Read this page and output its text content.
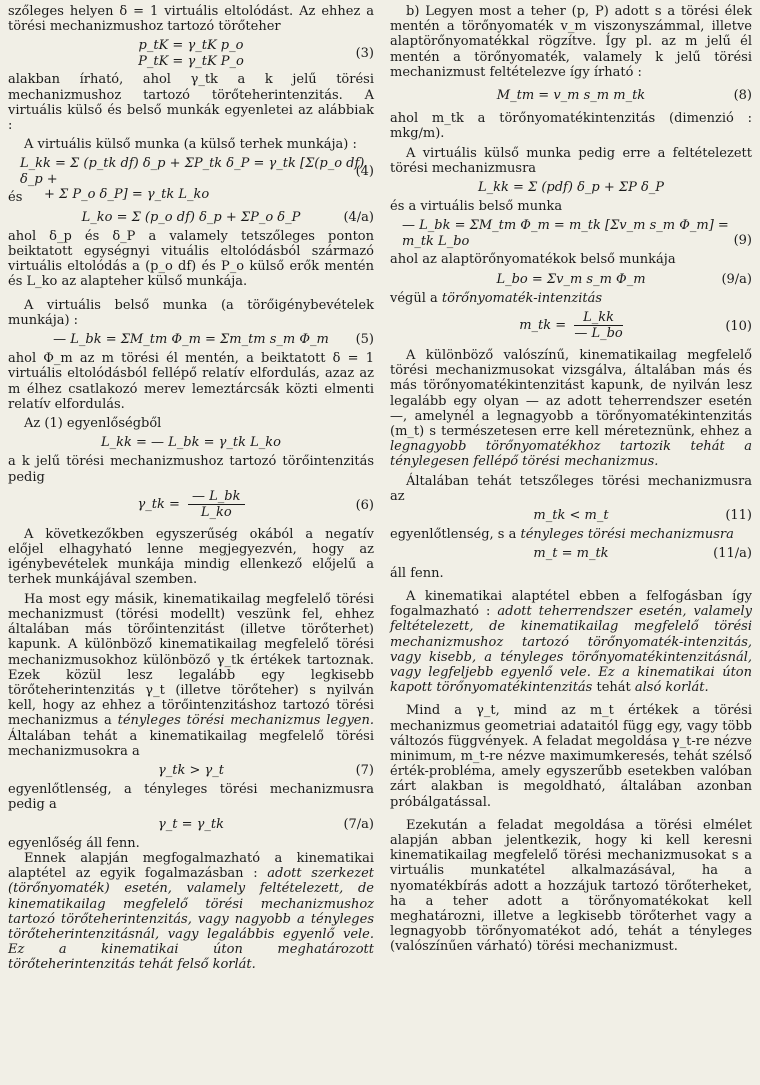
szőleges helyen δ = 1 virtuális eltolódást. Az ehhez a törési mechanizmushoz tartozó törőteher

p_tK = γ_tK p_o
P_tK = γ_tK P_o	(3)

alakban írható, ahol γ_tk a k jelű törési mechanizmushoz tartozó törőteherintenzitás. A virtuális külső és belső munkák egyenletei az alábbiak :

A virtuális külső munka (a külső terhek munkája) :

L_kk = Σ (p_tk df) δ_p + ΣP_tk δ_P = γ_tk [Σ(p_o df) δ_p +
+ Σ P_o δ_P] = γ_tk L_ko
(4)

és

L_ko = Σ (p_o df) δ_p + ΣP_o δ_P	(4/a)

ahol δ_p és δ_P a valamely tetszőleges ponton beiktatott egységnyi vituális eltolódásból származó virtuális eltolódás a (p_o df) és P_o külső erők mentén és L_ko az alapteher külső munkája.

A virtuális belső munka (a törőigénybevételek munkája) :

— L_bk = ΣM_tm Φ_m = Σm_tm s_m Φ_m (5)

ahol Φ_m az m törési él mentén, a beiktatott δ = 1 virtuális eltolódásból fellépő relatív elfordulás, azaz az m élhez csatlakozó merev lemeztárcsák közti elmenti relatív elfordulás.

Az (1) egyenlőségből

L_kk = — L_bk = γ_tk L_ko

a k jelű törési mechanizmushoz tartozó törőintenzitás pedig

γ_tk = $\frac{— L\_bk}{L\_ko}$	(6)

A következőkben egyszerűség okából a negatív előjel elhagyható lenne megjegyezvén, hogy az igénybevételek munkája mindig ellenkező előjelű a terhek munkájával szemben.

Ha most egy másik, kinematikailag megfelelő törési mechanizmust (törési modellt) veszünk fel, ehhez általában más törőintenzitást (illetve törőterhet) kapunk. A különböző kinematikailag megfelelő törési mechanizmusokhoz különböző γ_tk értékek tartoznak. Ezek közül lesz legalább egy legkisebb törőteherintenzitás γ_t (illetve törőteher) s nyilván kell, hogy az ehhez a törőintenzitáshoz tartozó törési mechanizmus a tényleges törési mechanizmus legyen. Általában tehát a kinematikailag megfelelő törési mechanizmusokra a

γ_tk > γ_t	(7)

egyenlőtlenség, a tényleges törési mechanizmusra pedig a

γ_t = γ_tk	(7/a)

egyenlőség áll fenn.

Ennek alapján megfogalmazható a kinematikai alaptétel az egyik fogalmazásban : adott szerkezet (törőnyomaték) esetén, valamely feltételezett, de kinematikailag megfelelő törési mechanizmushoz tartozó törőteherintenzitás, vagy nagyobb a tényleges törőteherintenzitásnál, vagy legalábbis egyenlő vele. Ez a kinematikai úton meghatározott törőteherintenzitás tehát felső korlát.

b) Legyen most a teher (p, P) adott s a törési élek mentén a törőnyomaték v_m viszonyszámmal, illetve alaptörőnyomatékkal rögzítve. Így pl. az m jelű él mentén a törőnyomaték, valamely k jelű törési mechanizmust feltételezve így írható :

M_tm = v_m s_m m_tk	(8)

ahol m_tk a törőnyomatékintenzitás (dimenzió : mkg/m).

A virtuális külső munka pedig erre a feltételezett törési mechanizmusra

L_kk = Σ (pdf) δ_p + ΣP δ_P

és a virtuális belső munka

— L_bk = ΣM_tm Φ_m = m_tk [Σv_m s_m Φ_m] = m_tk L_bo	(9)

ahol az alaptörőnyomatékok belső munkája

L_bo = Σv_m s_m Φ_m	(9/a)

végül a törőnyomaték-intenzitás

m_tk = $\frac{L\_kk}{— L\_bo}$	(10)

A különböző valószínű, kinematikailag megfelelő törési mechanizmusokat vizsgálva, általában más és más törőnyomatékintenzitást kapunk, de nyilván lesz legalább egy olyan — az adott teherrendszer esetén —, amelynél a legnagyobb a törőnyomatékintenzitás (m_t) s természetesen erre kell méreteznünk, ehhez a legnagyobb törőnyomatékhoz tartozik tehát a ténylegesen fellépő törési mechanizmus.

Általában tehát tetszőleges törési mechanizmusra az

m_tk < m_t	(11)

egyenlőtlenség, s a tényleges törési mechanizmusra

m_t = m_tk	(11/a)

áll fenn.

A kinematikai alaptétel ebben a felfogásban így fogalmazható : adott teherrendszer esetén, valamely feltételezett, de kinematikailag megfelelő törési mechanizmushoz tartozó törőnyomaték-intenzitás, vagy kisebb, a tényleges törőnyomatékintenzitásnál, vagy legfeljebb egyenlő vele. Ez a kinematikai úton kapott törőnyomatékintenzitás tehát alsó korlát.

Mind a γ_t, mind az m_t értékek a törési mechanizmus geometriai adataitól függ egy, vagy több változós függvények. A feladat megoldása γ_t-re nézve minimum, m_t-re nézve maximumkeresés, tehát szélső érték-probléma, amely egyszerűbb esetekben valóban zárt alakban is megoldható, általában azonban próbálgatással.

Ezekután a feladat megoldása a törési elmélet alapján abban jelentkezik, hogy ki kell keresni kinematikailag megfelelő törési mechanizmusokat s a virtuális munkatétel alkalmazásával, ha a nyomatékbírás adott a hozzájuk tartozó törőterheket, ha a teher adott a törőnyomatékokat kell meghatározni, illetve a legkisebb törőterhet vagy a legnagyobb törőnyomatékot adó, tehát a tényleges (valószínűen várható) törési mechanizmust.
